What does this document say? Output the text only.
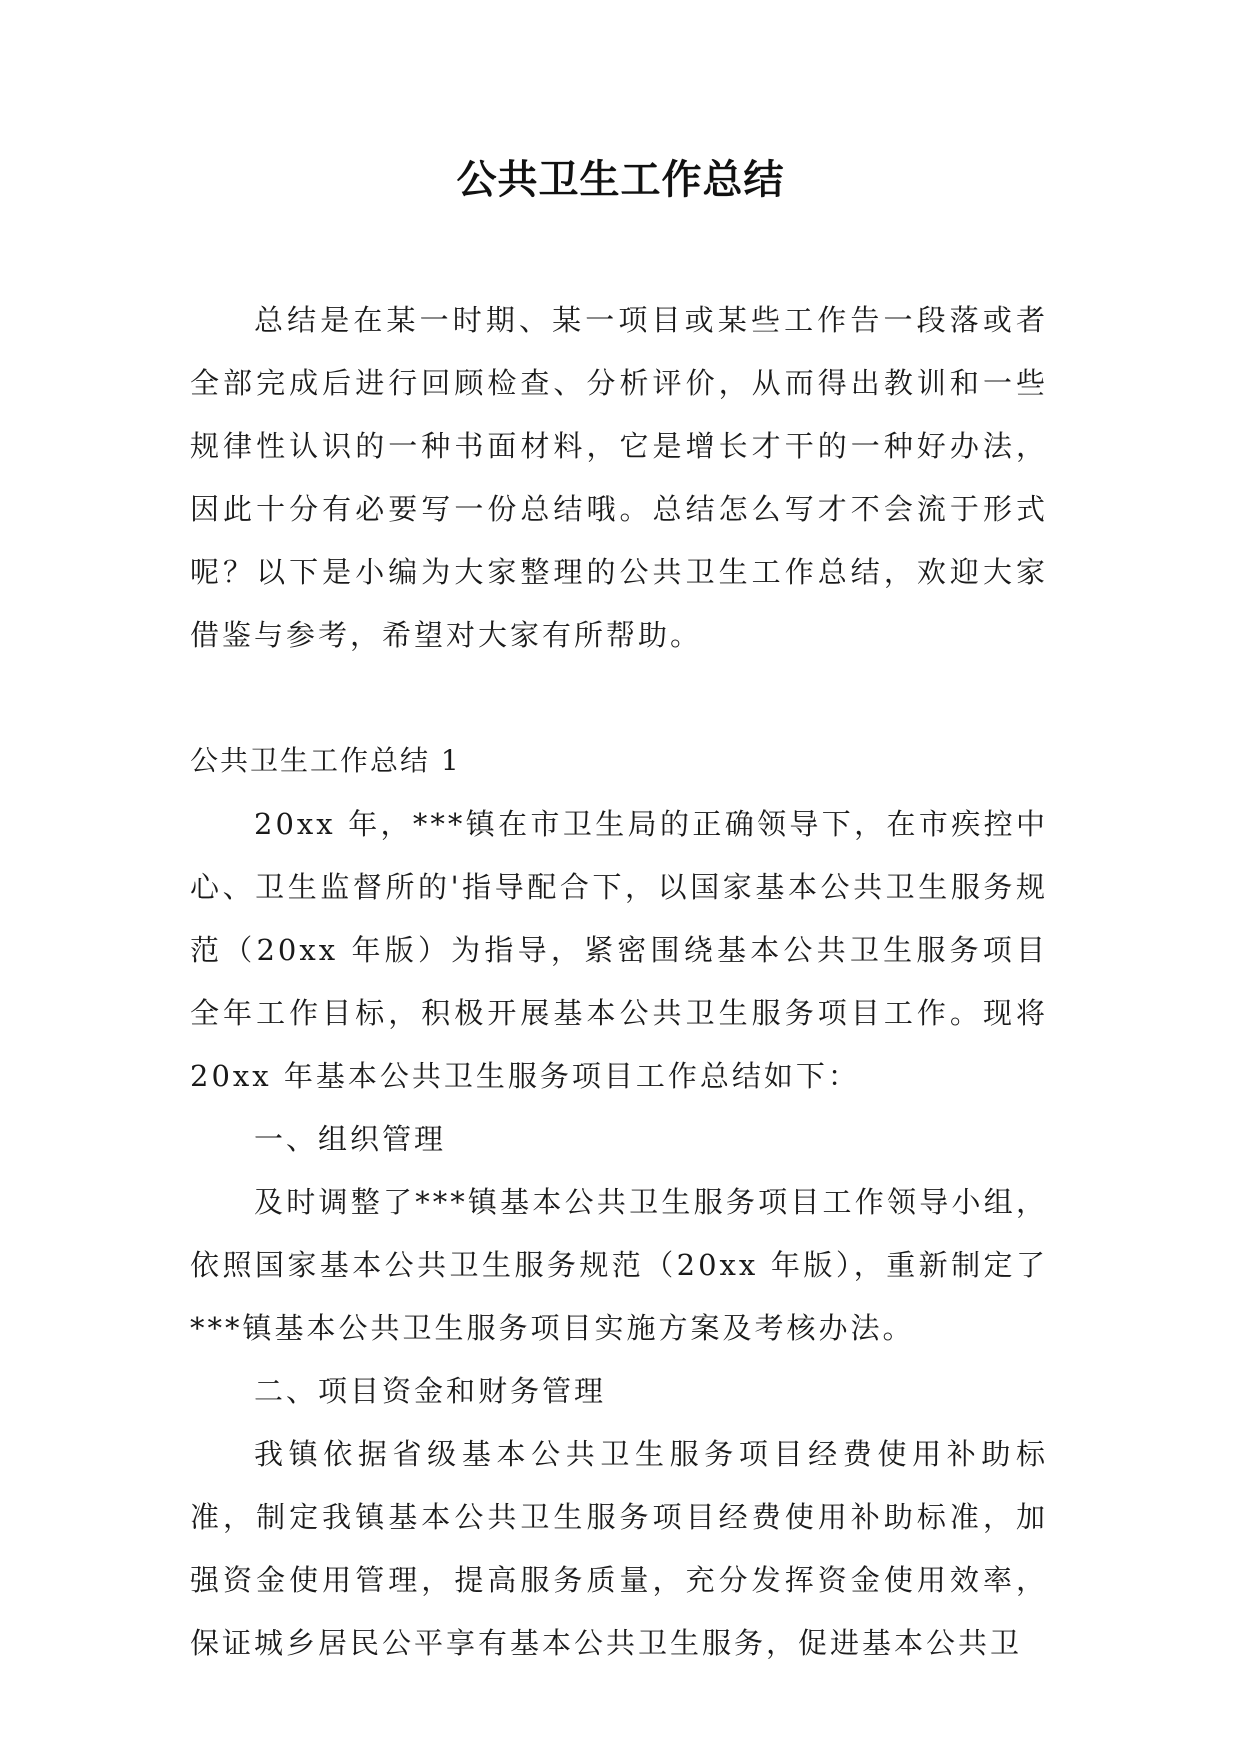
公共卫生工作总结

总结是在某一时期、某一项目或某些工作告一段落或者全部完成后进行回顾检查、分析评价，从而得出教训和一些规律性认识的一种书面材料，它是增长才干的一种好办法，因此十分有必要写一份总结哦。总结怎么写才不会流于形式呢？以下是小编为大家整理的公共卫生工作总结，欢迎大家借鉴与参考，希望对大家有所帮助。

公共卫生工作总结 1

20xx 年，***镇在市卫生局的正确领导下，在市疾控中心、卫生监督所的'指导配合下，以国家基本公共卫生服务规范（20xx 年版）为指导，紧密围绕基本公共卫生服务项目全年工作目标，积极开展基本公共卫生服务项目工作。现将 20xx 年基本公共卫生服务项目工作总结如下：

一、组织管理

及时调整了***镇基本公共卫生服务项目工作领导小组，依照国家基本公共卫生服务规范（20xx 年版），重新制定了***镇基本公共卫生服务项目实施方案及考核办法。

二、项目资金和财务管理

我镇依据省级基本公共卫生服务项目经费使用补助标准，制定我镇基本公共卫生服务项目经费使用补助标准，加强资金使用管理，提高服务质量，充分发挥资金使用效率，保证城乡居民公平享有基本公共卫生服务，促进基本公共卫
